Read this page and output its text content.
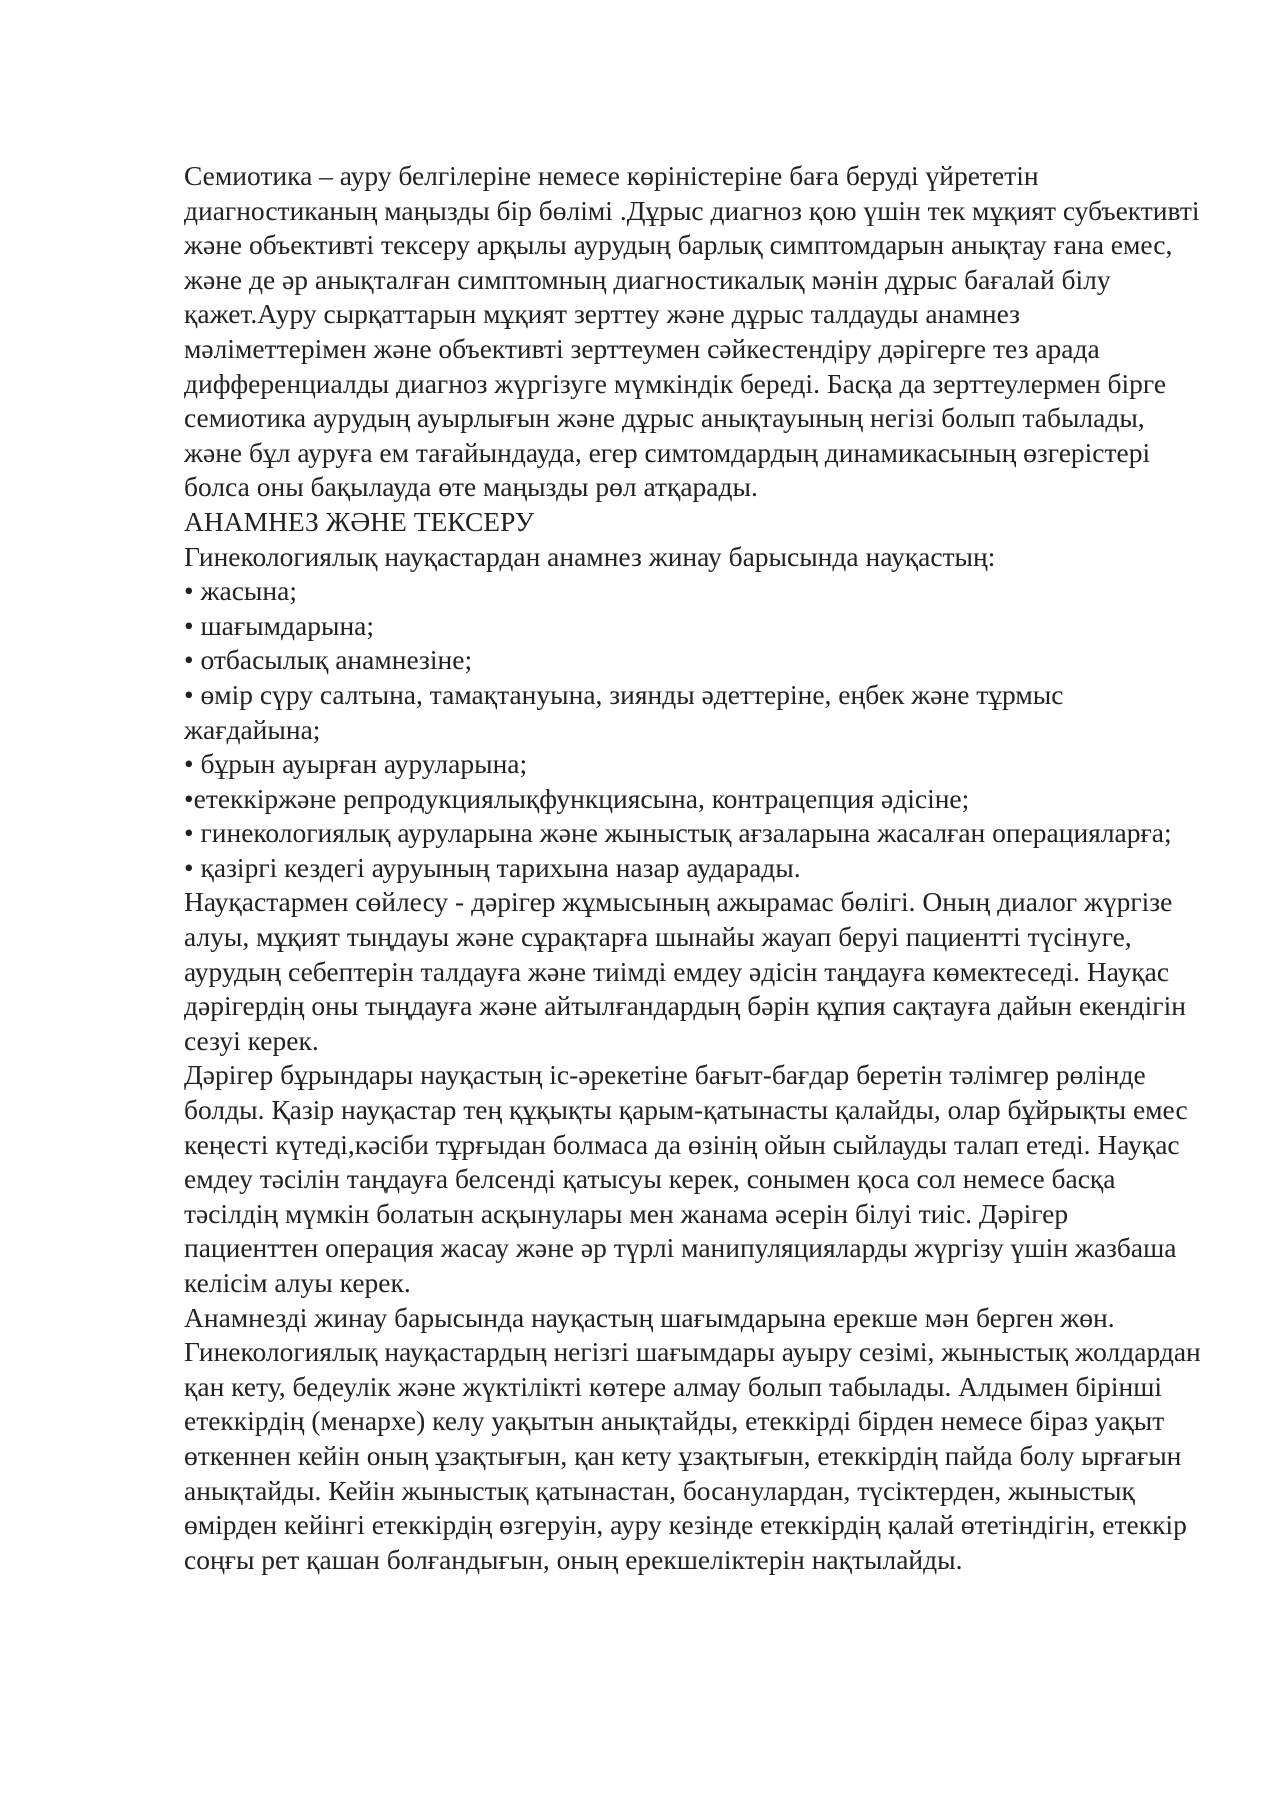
Семиотика – ауру белгілеріне немесе көріністеріне баға беруді үйрететін диагностиканың маңызды бір бөлімі .Дұрыс диагноз қою үшін тек мұқият субъективті және объективті тексеру арқылы аурудың барлық симптомдарын анықтау ғана емес, және де әр анықталған симптомның диагностикалық мәнін дұрыс бағалай білу қажет.Ауру сырқаттарын мұқият зерттеу және дұрыс талдауды анамнез мәліметтерімен және объективті зерттеумен сәйкестендіру дәрігерге тез арада дифференциалды диагноз жүргізуге мүмкіндік береді. Басқа да зерттеулермен бірге семиотика аурудың ауырлығын және дұрыс анықтауының негізі болып табылады, және бұл ауруға ем тағайындауда, егер симтомдардың динамикасының өзгерістері болса оны бақылауда өте маңызды рөл атқарады.

АНАМНЕЗ ЖӘНЕ ТЕКСЕРУ

Гинекологиялық науқастардан анамнез жинау барысында науқастың:

• жасына;
• шағымдарына;
• отбасылық анамнезіне;
• өмір сүру салтына, тамақтануына, зиянды әдеттеріне, еңбек және тұрмыс жағдайына;
• бұрын ауырған ауруларына;
•етеккіржәне репродукциялықфункциясына, контрацепция әдісіне;
• гинекологиялық ауруларына және жыныстық ағзаларына жасалған операцияларға;
• қазіргі кездегі ауруының тарихына назар аударады.

Науқастармен сөйлесу - дәрігер жұмысының ажырамас бөлігі. Оның диалог жүргізе алуы, мұқият тыңдауы және сұрақтарға шынайы жауап беруі пациентті түсінуге, аурудың себептерін талдауға және тиімді емдеу әдісін таңдауға көмектеседі. Науқас дәрігердің оны тыңдауға және айтылғандардың бәрін құпия сақтауға дайын екендігін сезуі керек.

Дәрігер бұрындары науқастың іс-әрекетіне бағыт-бағдар беретін тәлімгер рөлінде болды. Қазір науқастар тең құқықты қарым-қатынасты қалайды, олар бұйрықты емес кеңесті күтеді,кәсіби тұрғыдан болмаса да өзінің ойын сыйлауды талап етеді. Науқас емдеу тәсілін таңдауға белсенді қатысуы керек, сонымен қоса сол немесе басқа тәсілдің мүмкін болатын асқынулары мен жанама әсерін білуі тиіс. Дәрігер пациенттен операция жасау және әр түрлі манипуляцияларды жүргізу үшін жазбаша келісім алуы керек.

Анамнезді жинау барысында науқастың шағымдарына ерекше мән берген жөн. Гинекологиялық науқастардың негізгі шағымдары ауыру сезімі, жыныстық жолдардан қан кету, бедеулік және жүктілікті көтере алмау болып табылады. Алдымен бірінші етеккірдің (менархе) келу уақытын анықтайды, етеккірді бірден немесе біраз уақыт өткеннен кейін оның ұзақтығын, қан кету ұзақтығын, етеккірдің пайда болу ырғағын анықтайды. Кейін жыныстық қатынастан, босанулардан, түсіктерден, жыныстық өмірден кейінгі етеккірдің өзгеруін, ауру кезінде етеккірдің қалай өтетіндігін, етеккір соңғы рет қашан болғандығын, оның ерекшеліктерін нақтылайды.
